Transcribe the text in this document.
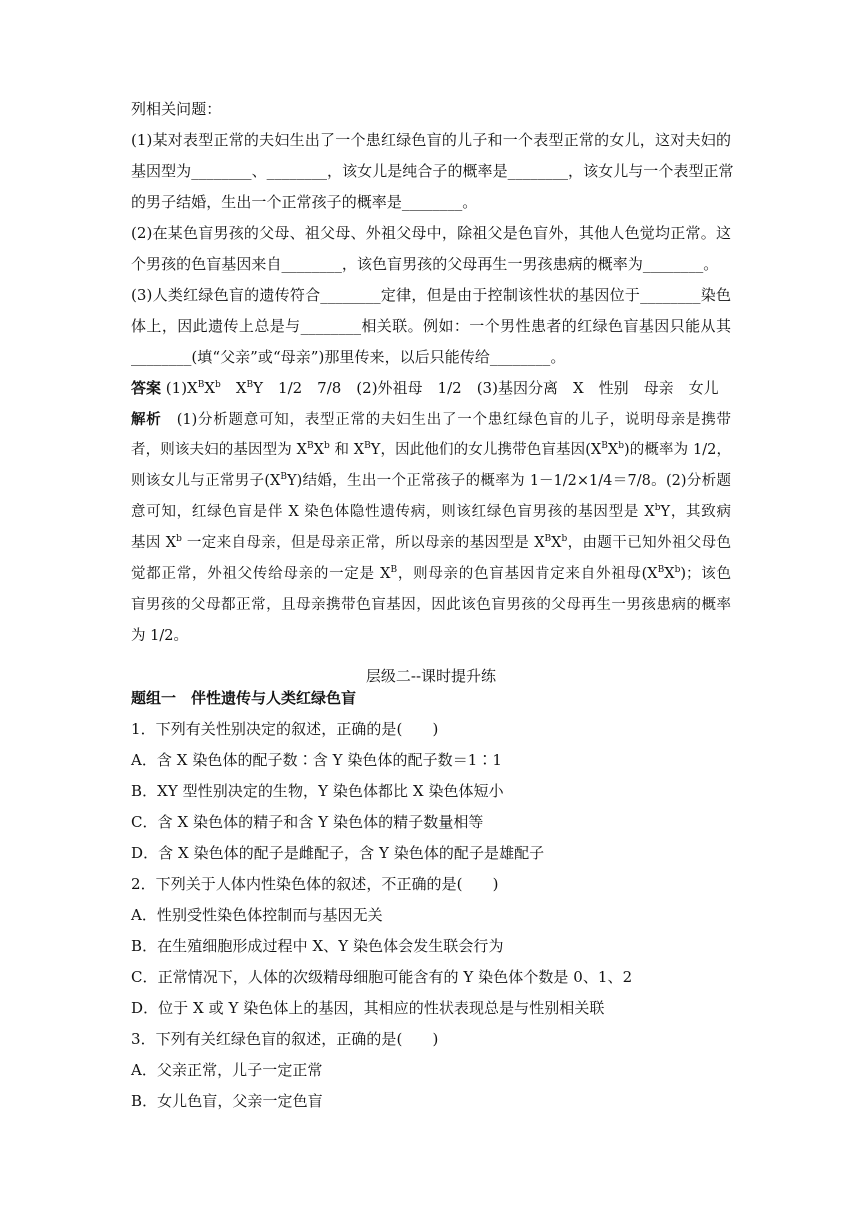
列相关问题：
(1)某对表型正常的夫妇生出了一个患红绿色盲的儿子和一个表型正常的女儿，这对夫妇的
基因型为________、________，该女儿是纯合子的概率是________，该女儿与一个表型正常
的男子结婚，生出一个正常孩子的概率是________。
(2)在某色盲男孩的父母、祖父母、外祖父母中，除祖父是色盲外，其他人色觉均正常。这
个男孩的色盲基因来自________，该色盲男孩的父母再生一男孩患病的概率为________。
(3)人类红绿色盲的遗传符合________定律，但是由于控制该性状的基因位于________染色
体上，因此遗传上总是与________相关联。例如：一个男性患者的红绿色盲基因只能从其
________(填“父亲”或“母亲”)那里传来，以后只能传给________。
答案 $(1)X^BX^b$　$X^BY$　1/2　7/8　(2)外祖母　1/2　(3)基因分离　X　性别　母亲　女儿
解析　(1)分析题意可知，表型正常的夫妇生出了一个患红绿色盲的儿子，说明母亲是携带
者，则该夫妇的基因型为 $X^BX^b$ 和 $X^BY$，因此他们的女儿携带色盲基因$(X^BX^b)$的概率为 1/2，
则该女儿与正常男子$(X^BY)$结婚，生出一个正常孩子的概率为 1－1/2×1/4＝7/8。(2)分析题
意可知，红绿色盲是伴 X 染色体隐性遗传病，则该红绿色盲男孩的基因型是 $X^bY$，其致病
基因 $X^b$ 一定来自母亲，但是母亲正常，所以母亲的基因型是 $X^BX^b$，由题干已知外祖父母色
觉都正常，外祖父传给母亲的一定是 $X^B$，则母亲的色盲基因肯定来自外祖母$(X^BX^b)$；该色
盲男孩的父母都正常，且母亲携带色盲基因，因此该色盲男孩的父母再生一男孩患病的概率
为 1/2。
层级二--课时提升练
题组一　伴性遗传与人类红绿色盲
1．下列有关性别决定的叙述，正确的是(　　)
A．含 X 染色体的配子数∶含 Y 染色体的配子数＝1∶1
B．XY 型性别决定的生物，Y 染色体都比 X 染色体短小
C．含 X 染色体的精子和含 Y 染色体的精子数量相等
D．含 X 染色体的配子是雌配子，含 Y 染色体的配子是雄配子
2．下列关于人体内性染色体的叙述，不正确的是(　　)
A．性别受性染色体控制而与基因无关
B．在生殖细胞形成过程中 X、Y 染色体会发生联会行为
C．正常情况下，人体的次级精母细胞可能含有的 Y 染色体个数是 0、1、2
D．位于 X 或 Y 染色体上的基因，其相应的性状表现总是与性别相关联
3．下列有关红绿色盲的叙述，正确的是(　　)
A．父亲正常，儿子一定正常
B．女儿色盲，父亲一定色盲
